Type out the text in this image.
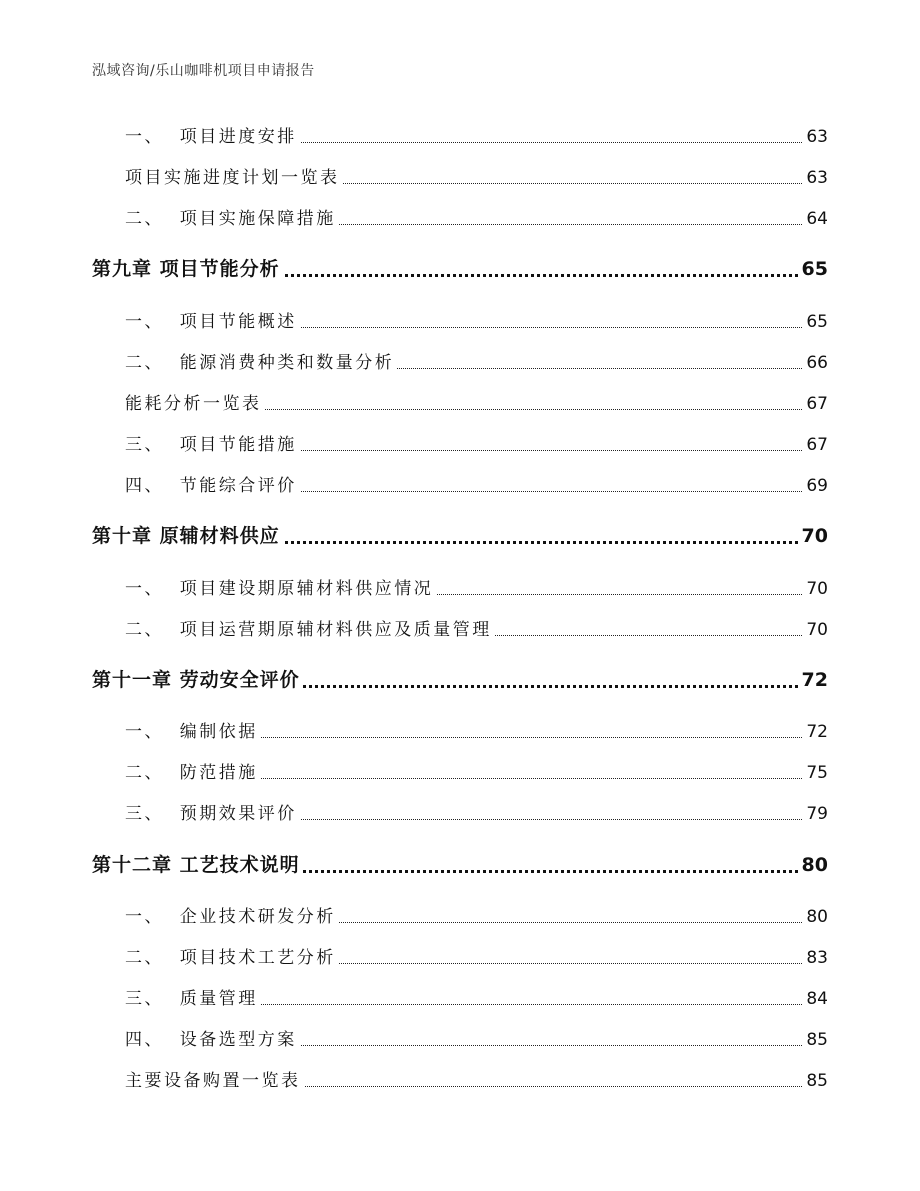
泓域咨询/乐山咖啡机项目申请报告
一、  项目进度安排	63
项目实施进度计划一览表	63
二、  项目实施保障措施	64
第九章 项目节能分析	65
一、  项目节能概述	65
二、  能源消费种类和数量分析	66
能耗分析一览表	67
三、  项目节能措施	67
四、  节能综合评价	69
第十章 原辅材料供应	70
一、  项目建设期原辅材料供应情况	70
二、  项目运营期原辅材料供应及质量管理	70
第十一章 劳动安全评价	72
一、  编制依据	72
二、  防范措施	75
三、  预期效果评价	79
第十二章 工艺技术说明	80
一、  企业技术研发分析	80
二、  项目技术工艺分析	83
三、  质量管理	84
四、  设备选型方案	85
主要设备购置一览表	85
